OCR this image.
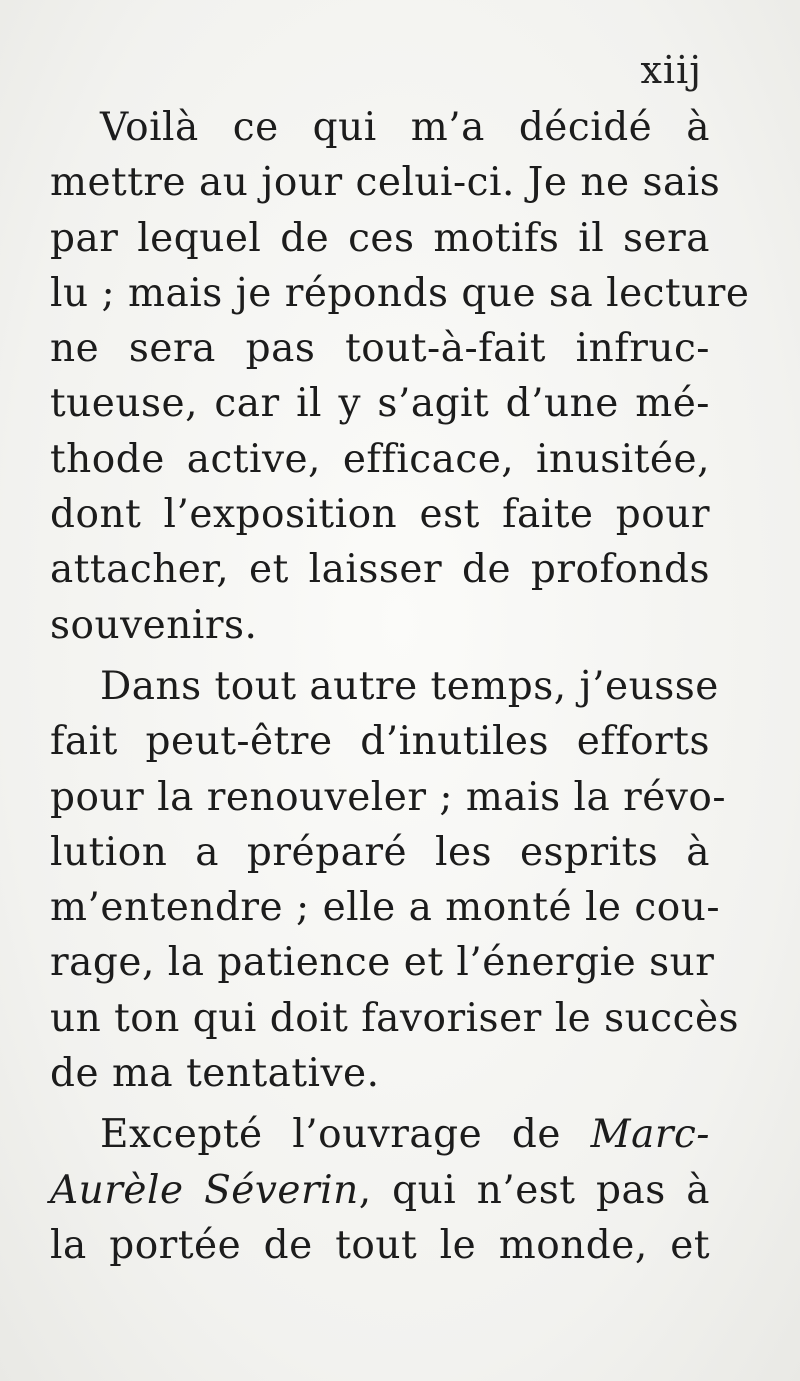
xiij
Voilà ce qui m’a décidé à
mettre au jour celui-ci. Je ne sais
par lequel de ces motifs il sera
lu ; mais je réponds que sa lecture
ne sera pas tout-à-fait infruc-
tueuse, car il y s’agit d’une mé-
thode active, efficace, inusitée,
dont l’exposition est faite pour
attacher, et laisser de profonds
souvenirs.
Dans tout autre temps, j’eusse
fait peut-être d’inutiles efforts
pour la renouveler ; mais la révo-
lution a préparé les esprits à
m’entendre ; elle a monté le cou-
rage, la patience et l’énergie sur
un ton qui doit favoriser le succès
de ma tentative.
Excepté l’ouvrage de Marc-
Aurèle Séverin, qui n’est pas à
la portée de tout le monde, et
